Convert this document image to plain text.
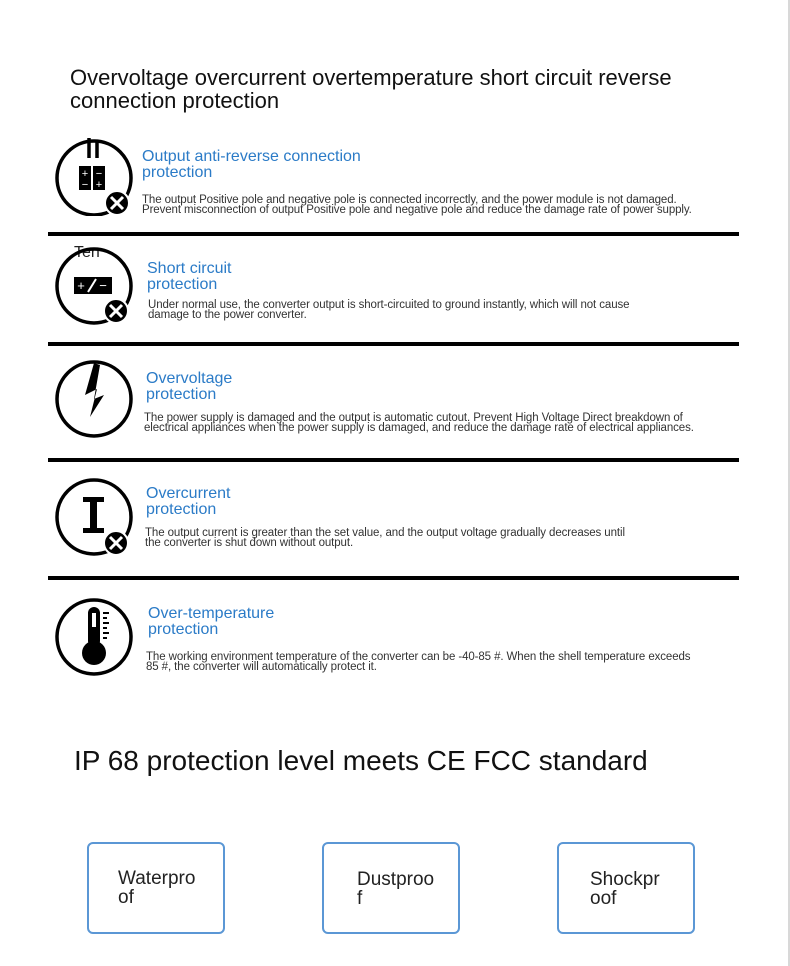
Overvoltage overcurrent overtemperature short circuit reverse connection protection
+
−
−
+
Output anti-reverse connection
protection
The output Positive pole and negative pole is connected incorrectly, and the power module is not damaged.
Prevent misconnection of output Positive pole and negative pole and reduce the damage rate of power supply.
Ten
+ −
Short circuit
protection
Under normal use, the converter output is short-circuited to ground instantly, which will not cause
damage to the power converter.
Overvoltage
protection
The power supply is damaged and the output is automatic cutout. Prevent High Voltage Direct breakdown of
electrical appliances when the power supply is damaged, and reduce the damage rate of electrical appliances.
Overcurrent
protection
The output current is greater than the set value, and the output voltage gradually decreases until
the converter is shut down without output.
Over-temperature
protection
The working environment temperature of the converter can be -40-85 #. When the shell temperature exceeds
85 #, the converter will automatically protect it.
IP 68 protection level meets CE FCC standard
Waterproof
Dustproof
Shockproof
